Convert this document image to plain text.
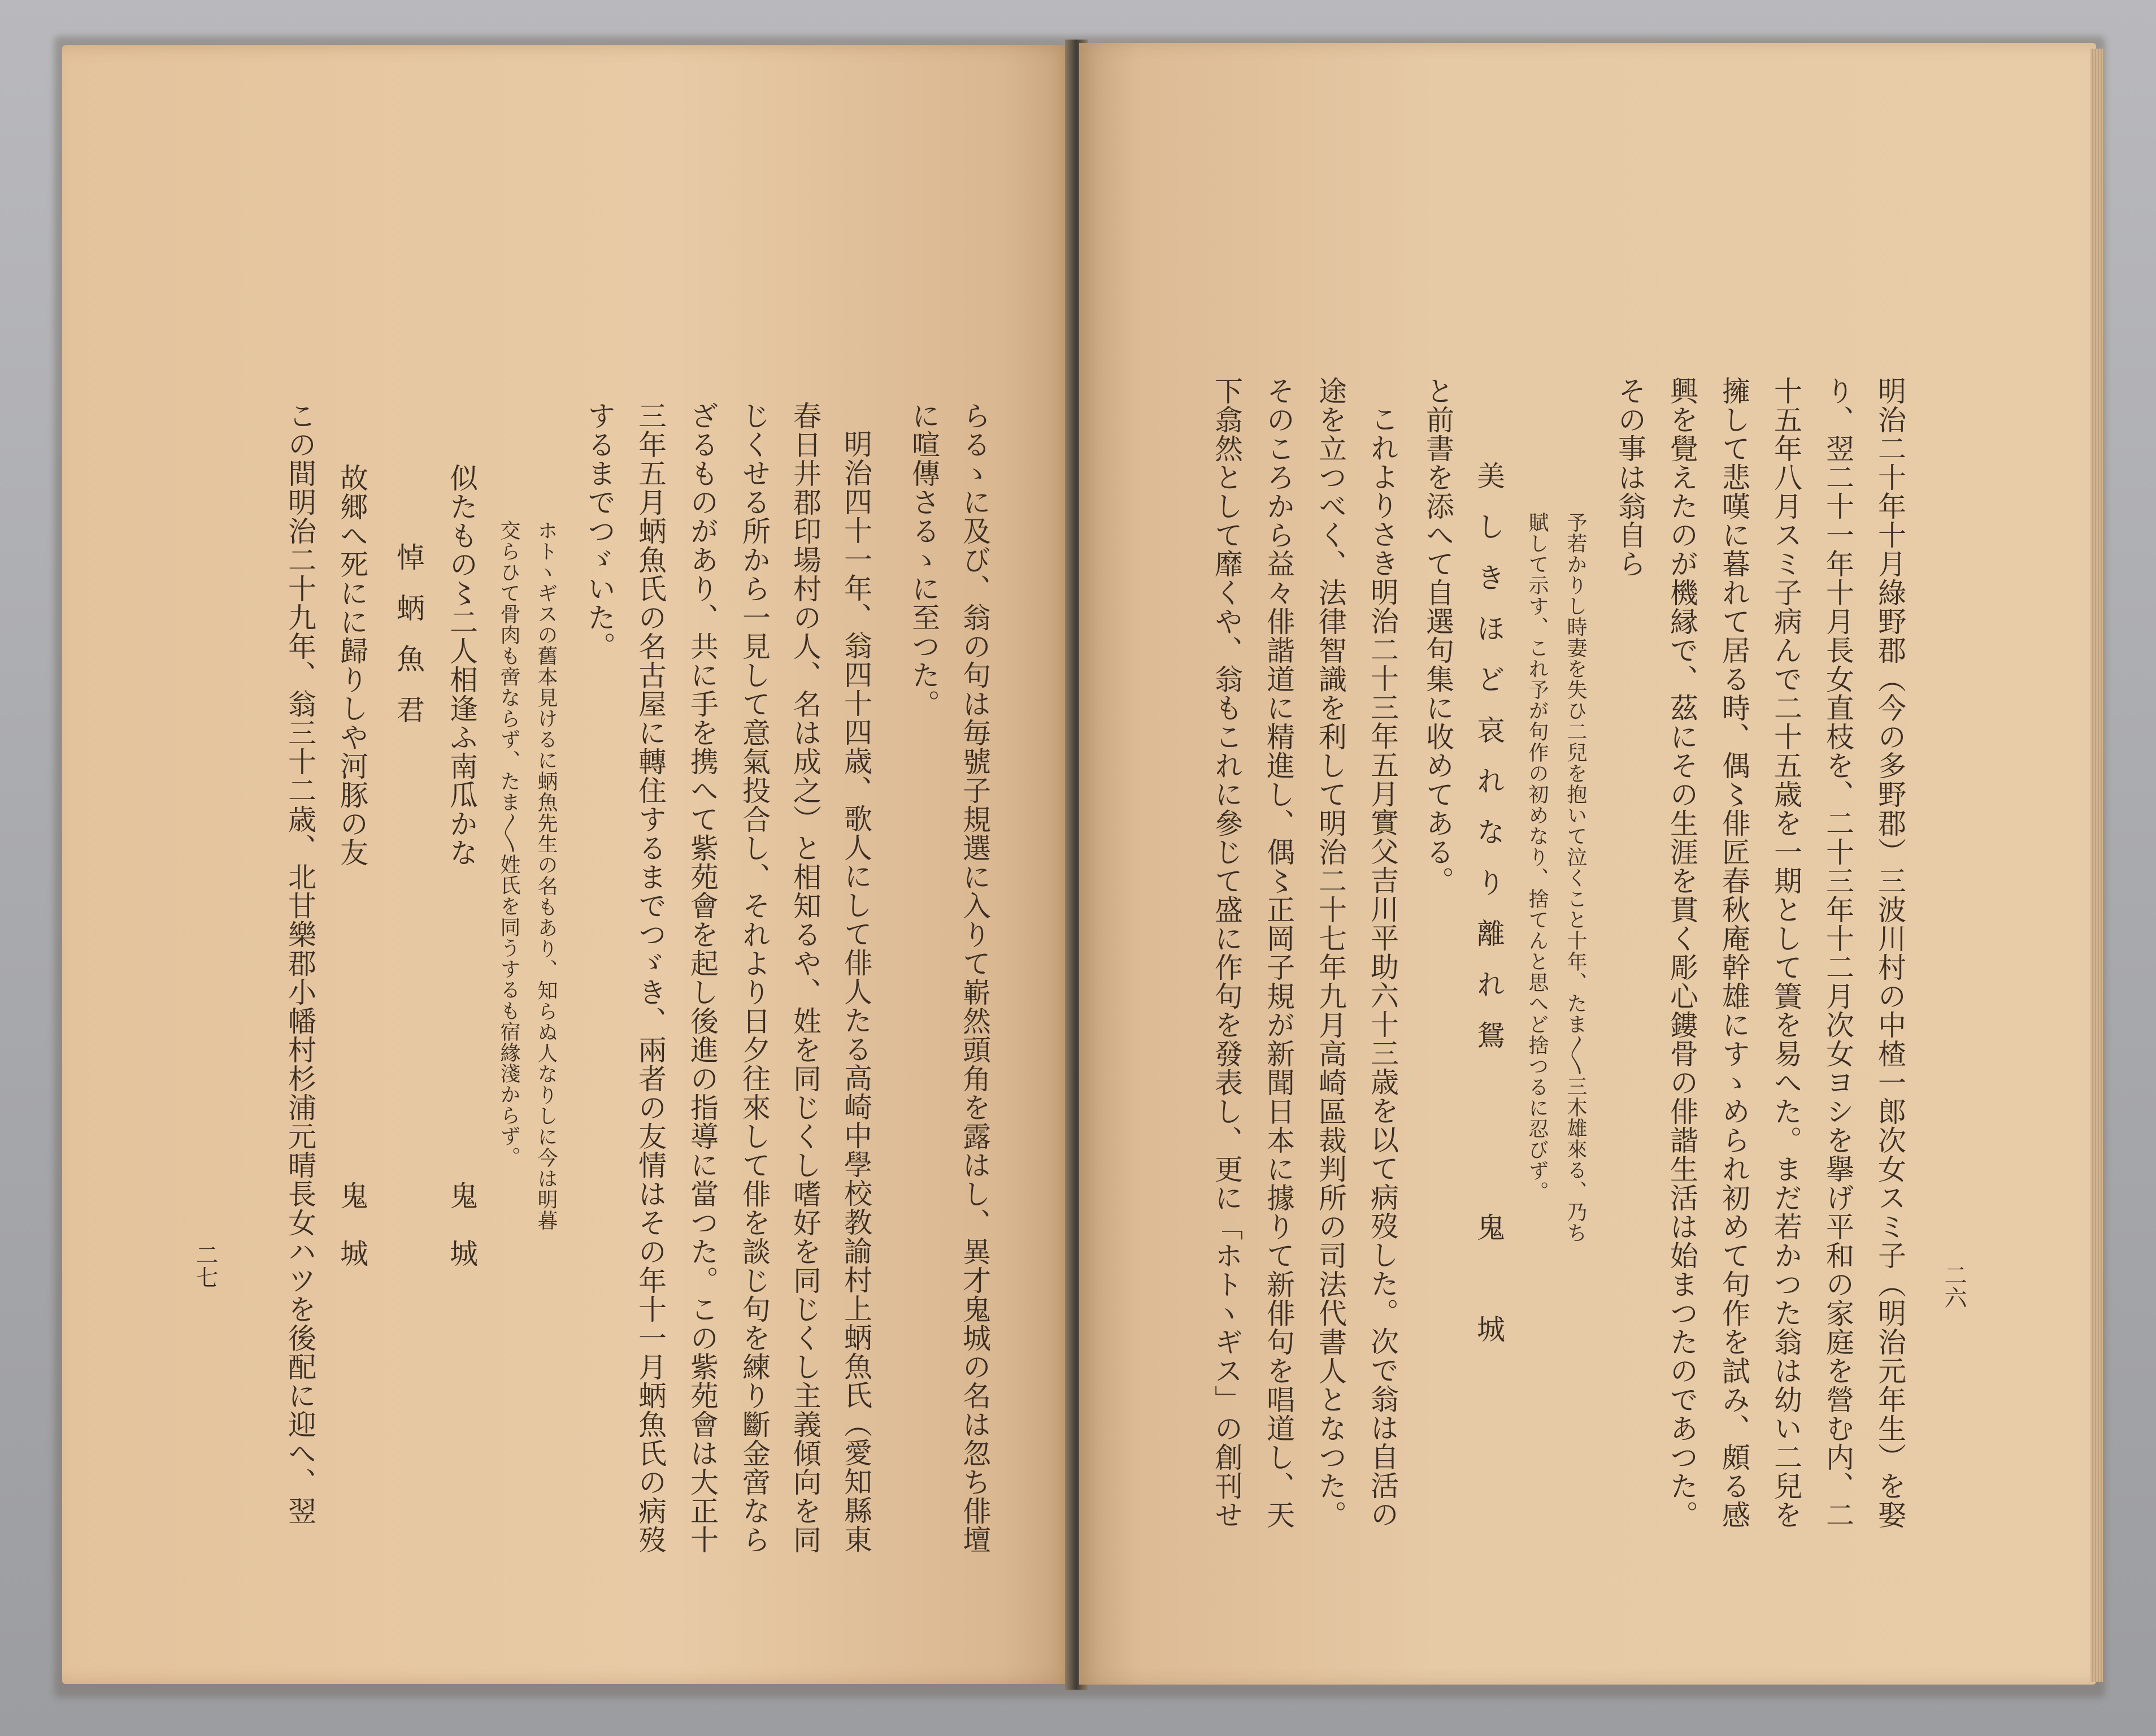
らるゝに及び、翁の句は毎號子規選に入りて嶄然頭角を露はし、異才鬼城の名は忽ち俳壇
に喧傳さるゝに至つた。
明治四十一年、翁四十四歳、歌人にして俳人たる高崎中學校教諭村上蛃魚氏（愛知縣東
春日井郡印場村の人、名は成之）と相知るや、姓を同じくし嗜好を同じくし主義傾向を同
じくせる所から一見して意氣投合し、それより日夕往來して俳を談じ句を練り斷金啻なら
ざるものがあり、共に手を携へて紫苑會を起し後進の指導に當つた。この紫苑會は大正十
三年五月蛃魚氏の名古屋に轉住するまでつゞき、兩者の友情はその年十一月蛃魚氏の病歿
するまでつゞいた。
ホトヽギスの舊本見けるに蛃魚先生の名もあり、知らぬ人なりしに今は明暮
交らひて骨肉も啻ならず、たま〳〵姓氏を同うするも宿緣淺からず。
似たもの〻二人相逢ふ南瓜かな
鬼　城
悼蛃魚君
故郷へ死にに歸りしや河豚の友
鬼　城
この間明治二十九年、翁三十二歳、北甘樂郡小幡村杉浦元晴長女ハツを後配に迎へ、翌
二七	二六
明治二十年十月綠野郡（今の多野郡）三波川村の中楂一郎次女スミ子（明治元年生）を娶
り、翌二十一年十月長女直枝を、二十三年十二月次女ヨシを擧げ平和の家庭を營む内、二
十五年八月スミ子病んで二十五歳を一期として簀を易へた。まだ若かつた翁は幼い二兒を
擁して悲嘆に暮れて居る時、偶〻俳匠春秋庵幹雄にすゝめられ初めて句作を試み、頗る感
興を覺えたのが機縁で、茲にその生涯を貫く彫心鏤骨の俳諧生活は始まつたのであつた。
その事は翁自ら
予若かりし時妻を失ひ二兒を抱いて泣くこと十年、たま〳〵三木雄來る、乃ち
賦して示す、これ予が句作の初めなり、捨てんと思へど捨つるに忍びず。
美しきほど哀れなり離れ鴛
鬼　城
と前書を添へて自選句集に收めてある。
これよりさき明治二十三年五月實父吉川平助六十三歳を以て病歿した。次で翁は自活の
途を立つべく、法律智識を利して明治二十七年九月高崎區裁判所の司法代書人となつた。
そのころから益々俳諧道に精進し、偶〻正岡子規が新聞日本に據りて新俳句を唱道し、天
下翕然として靡くや、翁もこれに參じて盛に作句を發表し、更に「ホトヽギス」の創刊せ
